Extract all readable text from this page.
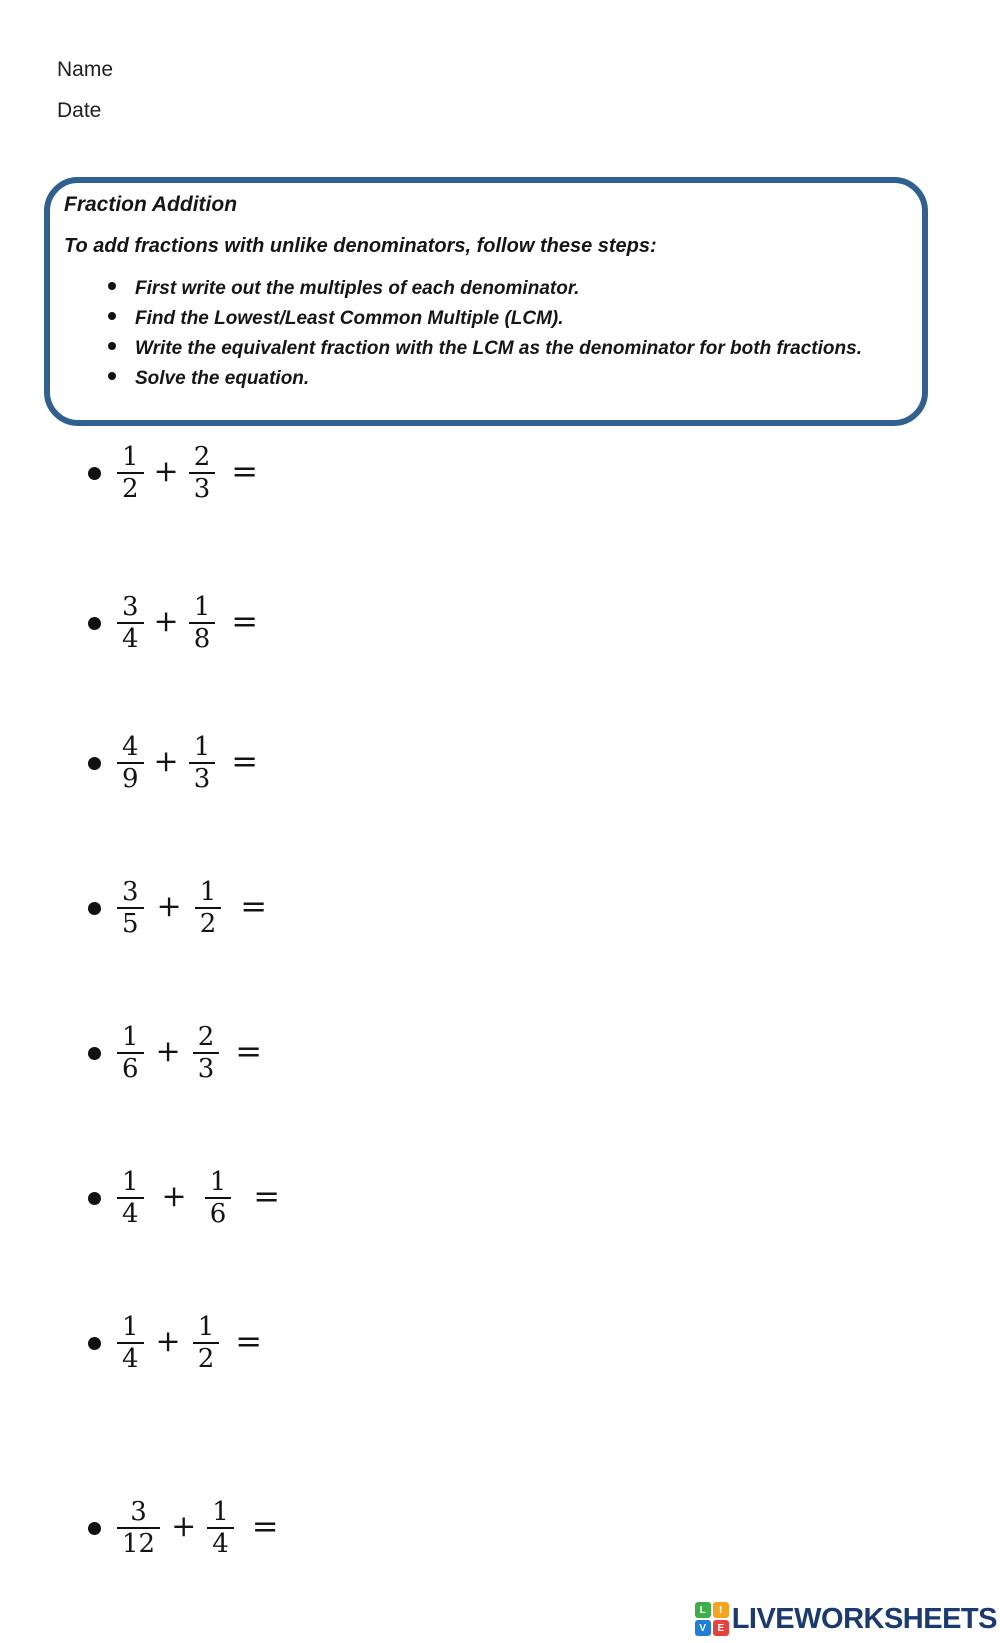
Name
Date
Fraction Addition
To add fractions with unlike denominators, follow these steps:
First write out the multiples of each denominator.
Find the Lowest/Least Common Multiple (LCM).
Write the equivalent fraction with the LCM as the denominator for both fractions.
Solve the equation.
$\frac{1}{2} + \frac{2}{3}$ =
$\frac{3}{4} + \frac{1}{8}$ =
$\frac{4}{9} + \frac{1}{3}$ =
$\frac{3}{5} + \frac{1}{2}$ =
$\frac{1}{6} + \frac{2}{3}$ =
$\frac{1}{4} + \frac{1}{6}$ =
$\frac{1}{4} + \frac{1}{2}$ =
$\frac{3}{12} + \frac{1}{4}$ =
L	I
V	E LIVEWORKSHEETS
